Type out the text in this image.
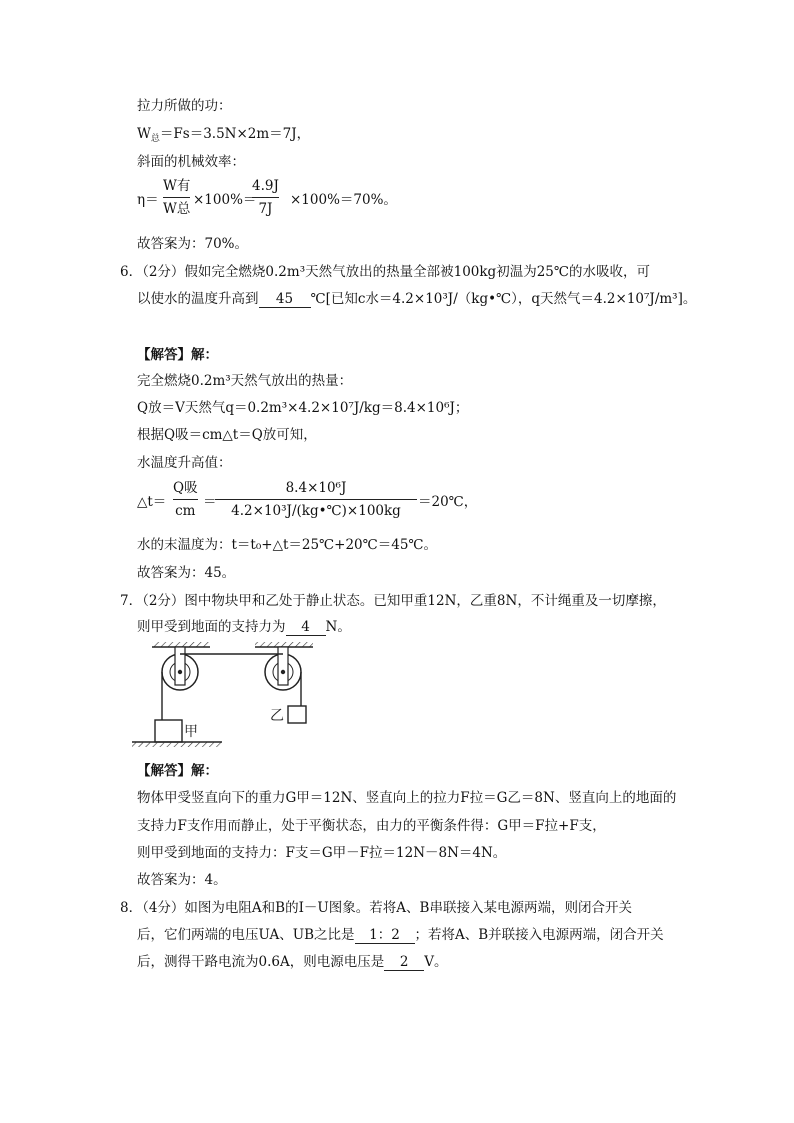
拉力所做的功：
$W_总=Fs=3.5N\times 2m=7J$，
斜面的机械效率：
η＝
W有
W总
×100%＝
4.9J
7J
×100%＝70%。
故答案为：70%。
6．（2分）假如完全燃烧0.2m³天然气放出的热量全部被100kg初温为25℃的水吸收，可
以使水的温度升高到 45 ℃[已知c水＝4.2×10³J/（kg•℃），q天然气＝4.2×10⁷J/m³]。
【解答】解：
完全燃烧0.2m³天然气放出的热量：
Q放＝V天然气q＝0.2m³×4.2×10⁷J/kg＝8.4×10⁶J；
根据Q吸＝cm△t＝Q放可知，
水温度升高值：
△t＝
Q吸
cm
＝
8.4×10⁶J
4.2×10³J/(kg•℃)×100kg
＝20℃，
水的末温度为：t＝t₀+△t＝25℃+20℃＝45℃。
故答案为：45。
7．（2分）图中物块甲和乙处于静止状态。已知甲重12N，乙重8N，不计绳重及一切摩擦，
则甲受到地面的支持力为 4 N。
甲
乙
【解答】解：
物体甲受竖直向下的重力G甲＝12N、竖直向上的拉力F拉＝G乙＝8N、竖直向上的地面的
支持力F支作用而静止，处于平衡状态，由力的平衡条件得：G甲＝F拉+F支，
则甲受到地面的支持力：F支＝G甲－F拉＝12N－8N＝4N。
故答案为：4。
8．（4分）如图为电阻A和B的I－U图象。若将A、B串联接入某电源两端，则闭合开关
后，它们两端的电压UA、UB之比是 1：2 ；若将A、B并联接入电源两端，闭合开关
后，测得干路电流为0.6A，则电源电压是 2 V。
